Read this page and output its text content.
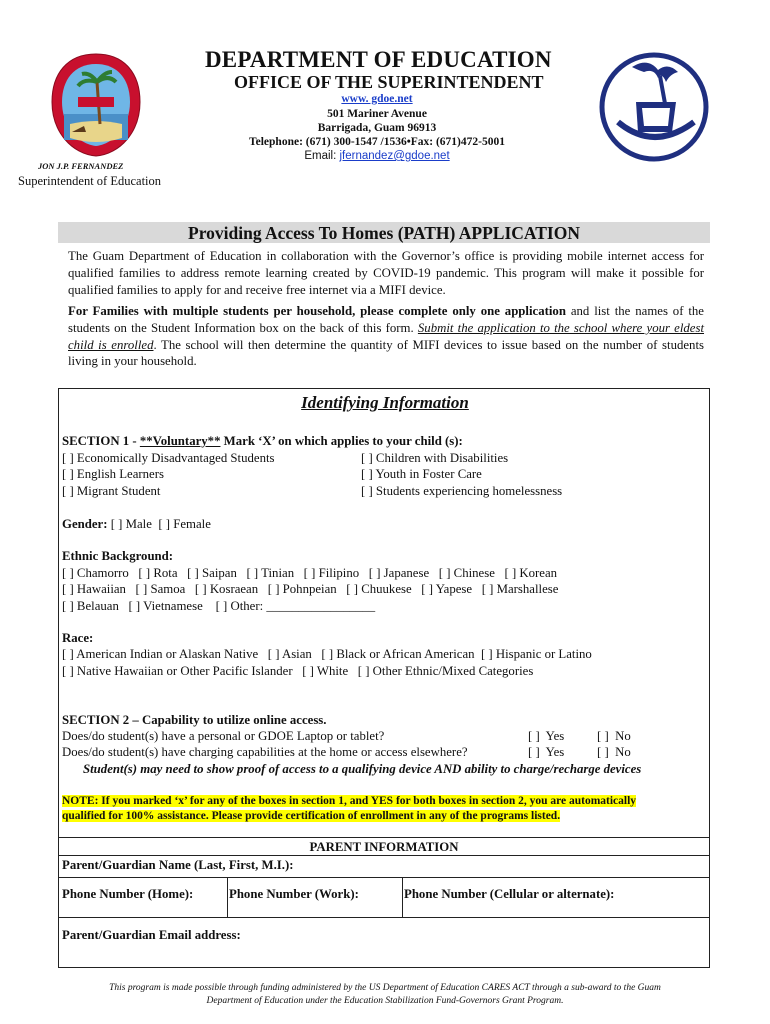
DEPARTMENT OF EDUCATION
OFFICE OF THE SUPERINTENDENT
www. gdoe.net
501 Mariner Avenue
Barrigada, Guam 96913
Telephone: (671) 300-1547 /1536•Fax: (671)472-5001
Email: jfernandez@gdoe.net
JON J.P. FERNANDEZ
Superintendent of Education
Providing Access To Homes (PATH) APPLICATION
The Guam Department of Education in collaboration with the Governor’s office is providing mobile internet access for qualified families to address remote learning created by COVID-19 pandemic. This program will make it possible for qualified families to apply for and receive free internet via a MIFI device.
For Families with multiple students per household, please complete only one application and list the names of the students on the Student Information box on the back of this form. Submit the application to the school where your eldest child is enrolled. The school will then determine the quantity of MIFI devices to issue based on the number of students living in your household.
Identifying Information
SECTION 1 - **Voluntary** Mark ‘X’ on which applies to your child (s):
[ ] Economically Disadvantaged Students
[ ] English Learners
[ ] Migrant Student
[ ] Children with Disabilities
[ ] Youth in Foster Care
[ ] Students experiencing homelessness
Gender: [ ] Male  [ ] Female
Ethnic Background:
[ ] Chamorro   [ ] Rota   [ ] Saipan   [ ] Tinian   [ ] Filipino   [ ] Japanese   [ ] Chinese   [ ] Korean
[ ] Hawaiian   [ ] Samoa   [ ] Kosraean   [ ] Pohnpeian   [ ] Chuukese   [ ] Yapese   [ ] Marshallese
[ ] Belauan   [ ] Vietnamese    [ ] Other: _________________
Race:
[ ] American Indian or Alaskan Native   [ ] Asian   [ ] Black or African American  [ ] Hispanic or Latino
[ ] Native Hawaiian or Other Pacific Islander   [ ] White   [ ] Other Ethnic/Mixed Categories
SECTION 2 – Capability to utilize online access.
Does/do student(s) have a personal or GDOE Laptop or tablet?	[ ]  Yes	[ ]  No
Does/do student(s) have charging capabilities at the home or access elsewhere?	[ ]  Yes	[ ]  No
Student(s) may need to show proof of access to a qualifying device AND ability to charge/recharge devices
NOTE: If you marked ‘x’ for any of the boxes in section 1, and YES for both boxes in section 2, you are automatically
qualified for 100% assistance. Please provide certification of enrollment in any of the programs listed.
PARENT INFORMATION
Parent/Guardian Name (Last, First, M.I.):
Phone Number (Home):	Phone Number (Work):	Phone Number (Cellular or alternate):
Parent/Guardian Email address:
This program is made possible through funding administered by the US Department of Education CARES ACT through a sub-award to the Guam
Department of Education under the Education Stabilization Fund-Governors Grant Program.
